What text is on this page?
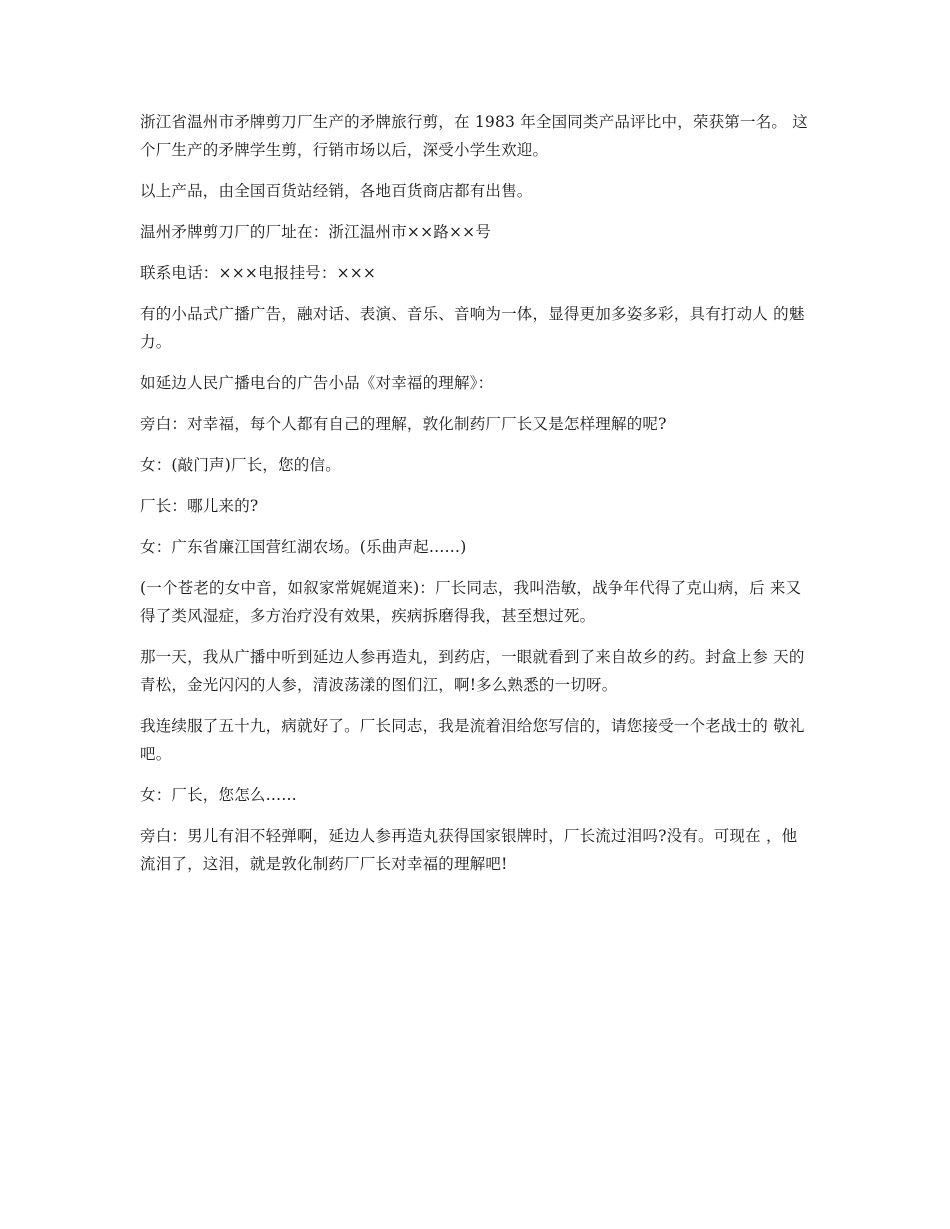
浙江省温州市矛牌剪刀厂生产的矛牌旅行剪，在 1983 年全国同类产品评比中，荣获第一名。 这个厂生产的矛牌学生剪，行销市场以后，深受小学生欢迎。

以上产品，由全国百货站经销，各地百货商店都有出售。

温州矛牌剪刀厂的厂址在：浙江温州市××路××号

联系电话：×××电报挂号：×××

有的小品式广播广告，融对话、表演、音乐、音响为一体，显得更加多姿多彩，具有打动人 的魅力。

如延边人民广播电台的广告小品《对幸福的理解》：

旁白：对幸福，每个人都有自己的理解，敦化制药厂厂长又是怎样理解的呢?

女：(敲门声)厂长，您的信。

厂长：哪儿来的?

女：广东省廉江国营红湖农场。(乐曲声起……)

(一个苍老的女中音，如叙家常娓娓道来)：厂长同志，我叫浩敏，战争年代得了克山病，后 来又得了类风湿症，多方治疗没有效果，疾病拆磨得我，甚至想过死。

那一天，我从广播中听到延边人参再造丸，到药店，一眼就看到了来自故乡的药。封盒上参 天的青松，金光闪闪的人参，清波荡漾的图们江，啊!多么熟悉的一切呀。

我连续服了五十九，病就好了。厂长同志，我是流着泪给您写信的，请您接受一个老战士的 敬礼吧。

女：厂长，您怎么……

旁白：男儿有泪不轻弹啊，延边人参再造丸获得国家银牌时，厂长流过泪吗?没有。可现在 ，他流泪了，这泪，就是敦化制药厂厂长对幸福的理解吧!
